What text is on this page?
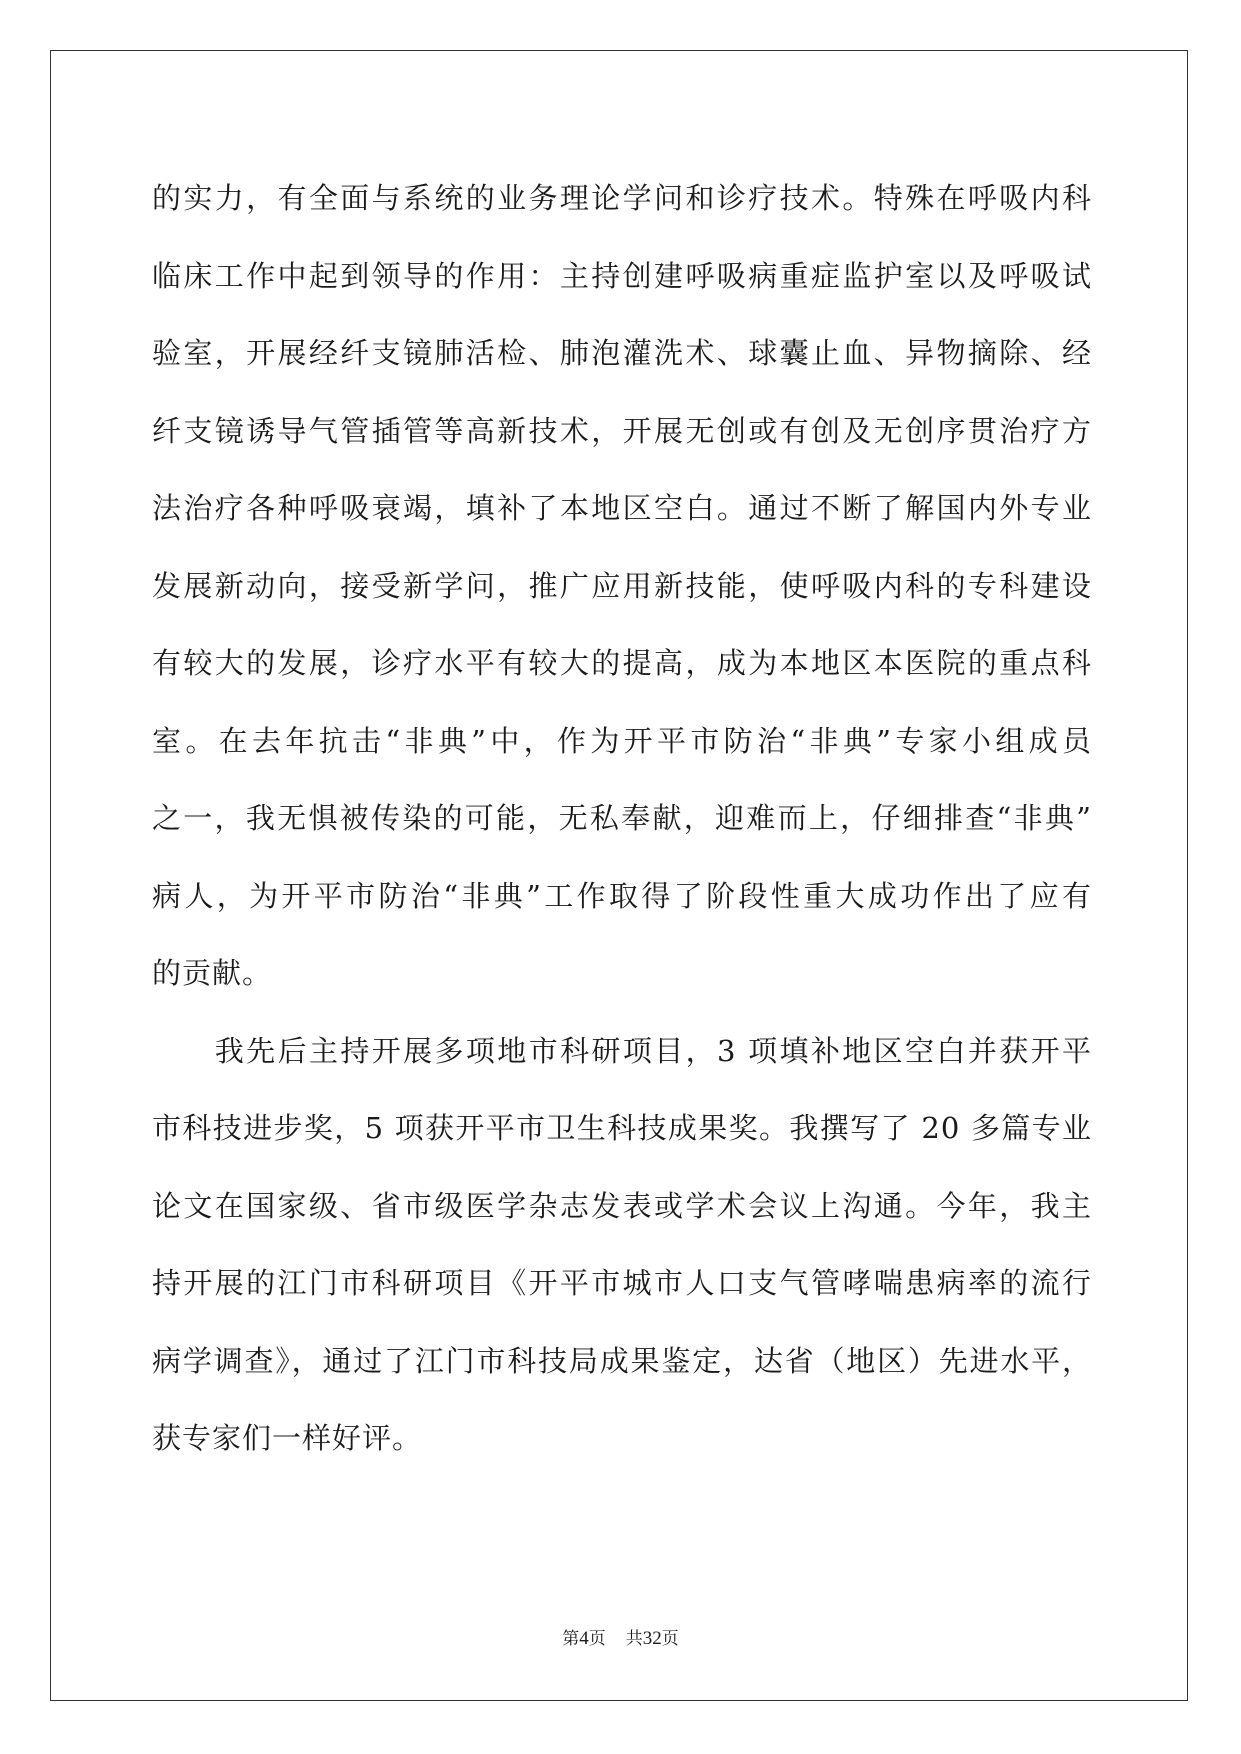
的实力，有全面与系统的业务理论学问和诊疗技术。特殊在呼吸内科
临床工作中起到领导的作用：主持创建呼吸病重症监护室以及呼吸试
验室，开展经纤支镜肺活检、肺泡灌洗术、球囊止血、异物摘除、经
纤支镜诱导气管插管等高新技术，开展无创或有创及无创序贯治疗方
法治疗各种呼吸衰竭，填补了本地区空白。通过不断了解国内外专业
发展新动向，接受新学问，推广应用新技能，使呼吸内科的专科建设
有较大的发展，诊疗水平有较大的提高，成为本地区本医院的重点科
室。在去年抗击“非典”中，作为开平市防治“非典”专家小组成员
之一，我无惧被传染的可能，无私奉献，迎难而上，仔细排查“非典”
病人，为开平市防治“非典”工作取得了阶段性重大成功作出了应有
的贡献。
　　我先后主持开展多项地市科研项目，3 项填补地区空白并获开平
市科技进步奖，5 项获开平市卫生科技成果奖。我撰写了 20 多篇专业
论文在国家级、省市级医学杂志发表或学术会议上沟通。今年，我主
持开展的江门市科研项目《开平市城市人口支气管哮喘患病率的流行
病学调查》，通过了江门市科技局成果鉴定，达省（地区）先进水平，
获专家们一样好评。
第4页 共32页
